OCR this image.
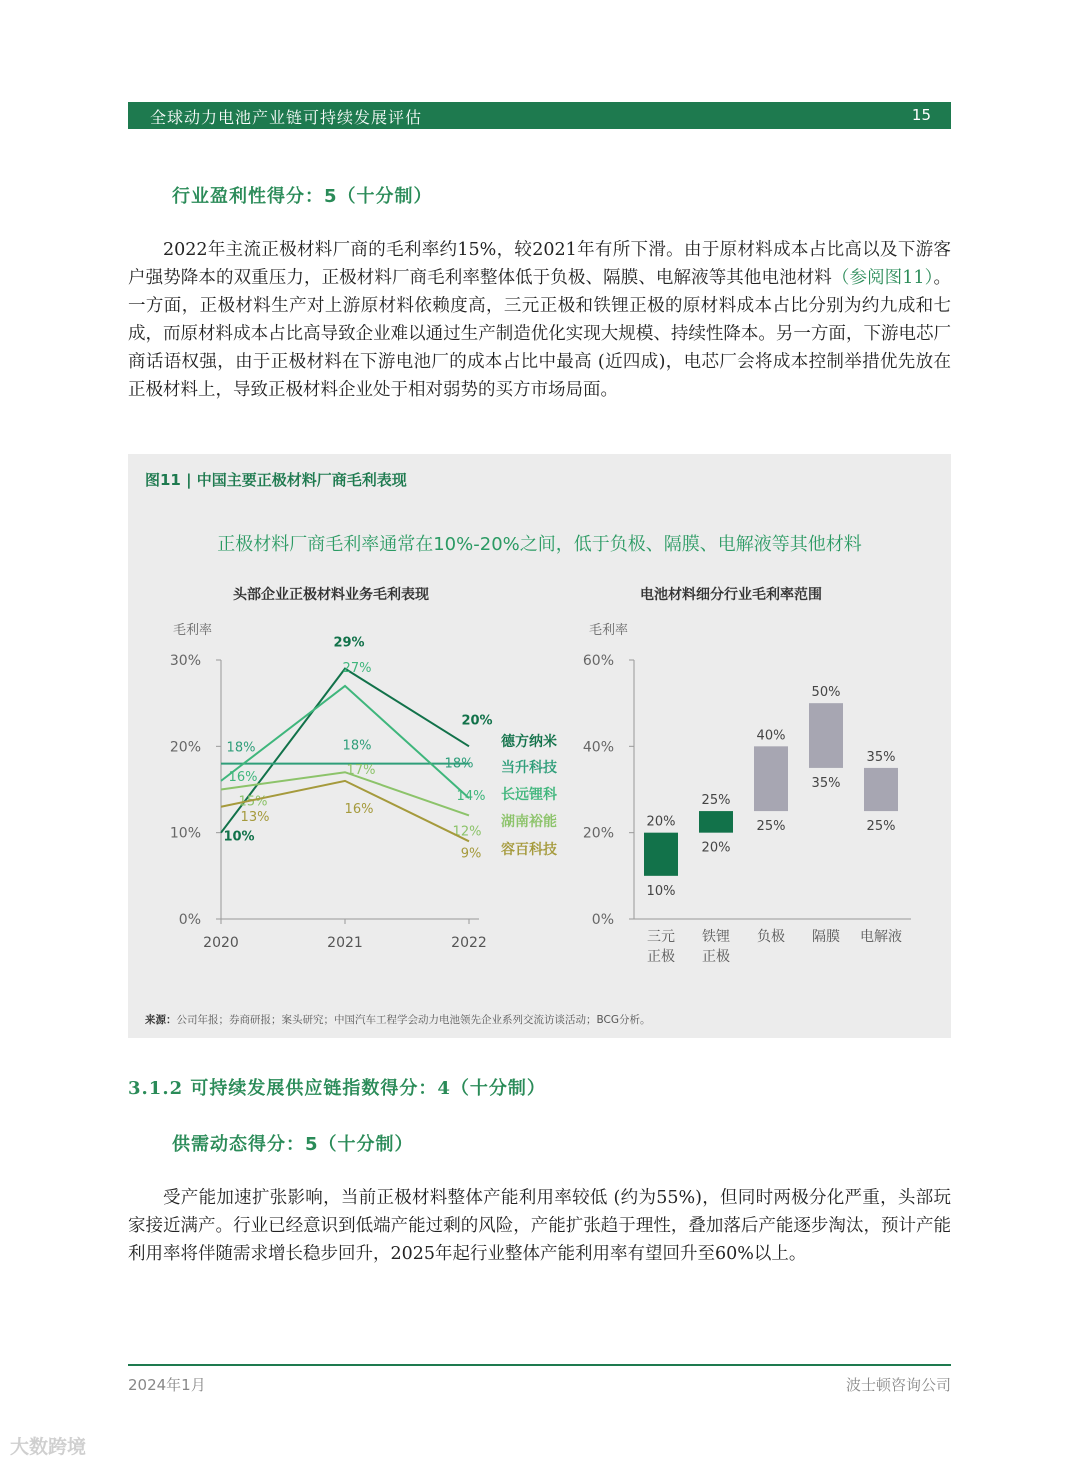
全球动力电池产业链可持续发展评估	15
行业盈利性得分：5（十分制）

2022年主流正极材料厂商的毛利率约15%，较2021年有所下滑。由于原材料成本占比高以及下游客户强势降本的双重压力，正极材料厂商毛利率整体低于负极、隔膜、电解液等其他电池材料（参阅图11）。一方面，正极材料生产对上游原材料依赖度高，三元正极和铁锂正极的原材料成本占比分别为约九成和七成，而原材料成本占比高导致企业难以通过生产制造优化实现大规模、持续性降本。另一方面，下游电芯厂商话语权强，由于正极材料在下游电池厂的成本占比中最高 (近四成)，电芯厂会将成本控制举措优先放在正极材料上，导致正极材料企业处于相对弱势的买方市场局面。

图11 | 中国主要正极材料厂商毛利表现
正极材料厂商毛利率通常在10%-20%之间，低于负极、隔膜、电解液等其他材料
头部企业正极材料业务毛利表现	电池材料细分行业毛利率范围
毛利率
0%
10%
20%
30%
2020	2021	2022
10%
29%
20%
德方纳米
18%	18%
18% 当升科技
16%
27%
14% 长远锂科
15%
17%
12%
湖南裕能
13%
16%
9% 容百科技
毛利率
0%
20%
40%
60%
20%
10%
三元
正极
25%
20%
铁锂
正极
40%
25%
负极
50%
35%
隔膜
35%
25%
电解液
来源：公司年报；券商研报；案头研究；中国汽车工程学会动力电池领先企业系列交流访谈活动；BCG分析。
3.1.2 可持续发展供应链指数得分：4（十分制）
供需动态得分：5（十分制）

受产能加速扩张影响，当前正极材料整体产能利用率较低 (约为55%)，但同时两极分化严重，头部玩家接近满产。行业已经意识到低端产能过剩的风险，产能扩张趋于理性，叠加落后产能逐步淘汰，预计产能利用率将伴随需求增长稳步回升，2025年起行业整体产能利用率有望回升至60%以上。

2024年1月	波士顿咨询公司
大数跨境
